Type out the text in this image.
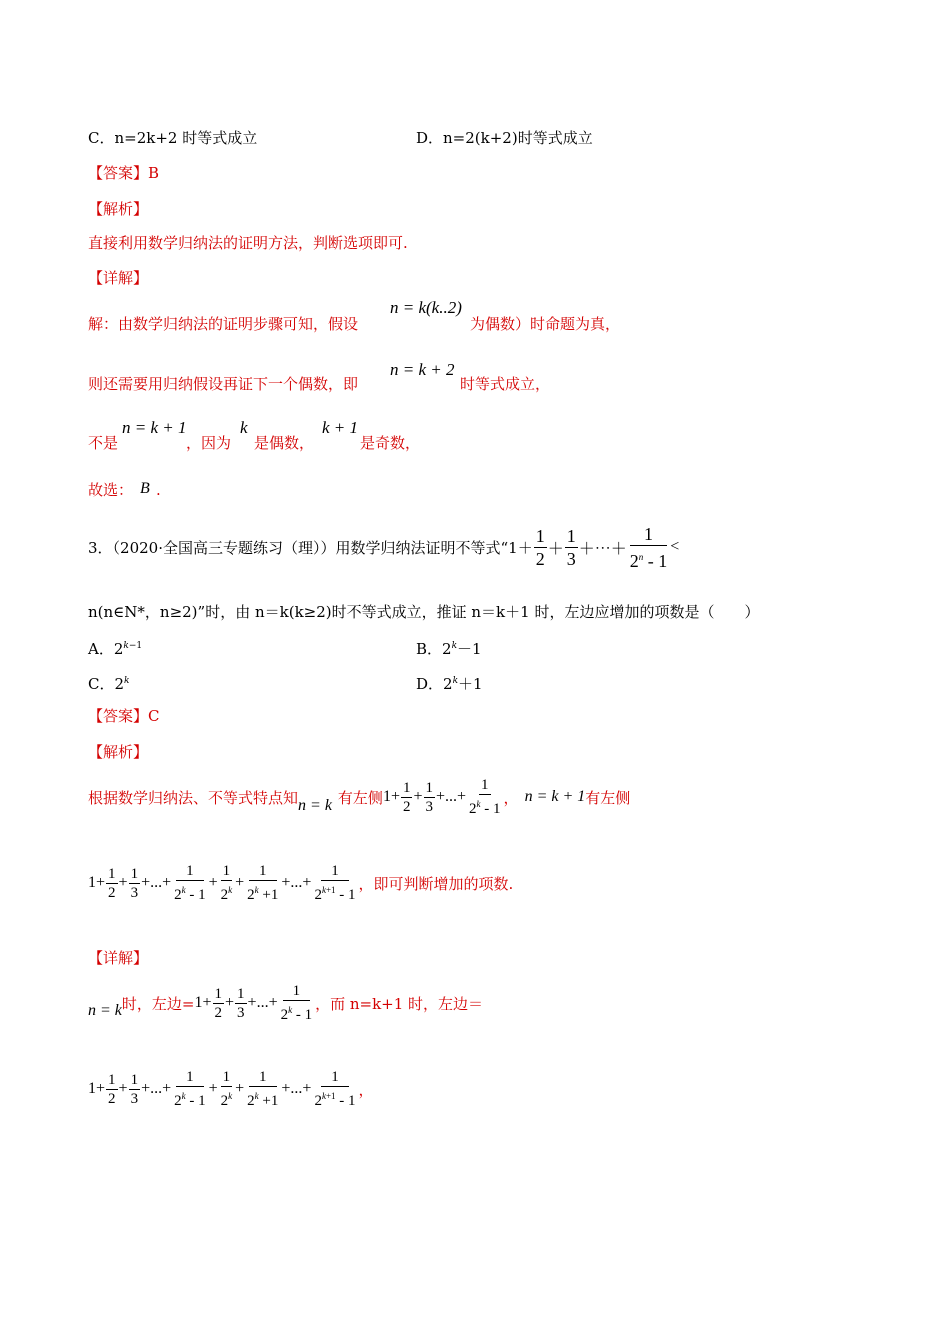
C．n=2k+2 时等式成立	D．n=2(k+2)时等式成立
【答案】B
【解析】
直接利用数学归纳法的证明方法，判断选项即可.
【详解】
解：由数学归纳法的证明步骤可知，假设
n = k(k..2)
为偶数）时命题为真，
则还需要用归纳假设再证下一个偶数，即
n = k + 2
时等式成立，
不是
n = k + 1
，因为
k
是偶数，
k + 1
是奇数，
故选： B .
3．（2020·全国高三专题练习（理））用数学归纳法证明不等式“$1+ \frac{1}{2} + \frac{1}{3}$ ＋⋯＋ $\frac{1}{2^n - 1}$ <
n(n∈N*，n≥2)”时，由 n＝k(k≥2)时不等式成立，推证 n＝k＋1 时，左边应增加的项数是（　　）
A．$2^{k-1}$	B．$2^k-1$
C．2$^k$	D．$2^k+1$
【答案】C
【解析】
根据数学归纳法、不等式特点知 n = k 有左侧 $1+ \frac{1}{2} + \frac{1}{3}$ +...+ $\frac{1}{2^k - 1}$ ， n = k + 1 有左侧
$1+ \frac{1}{2} + \frac{1}{3}$ +...+ $\frac{1}{2^k - 1} + \frac{1}{2^k} + \frac{1}{2^k +1}$ +...+ $\frac{1}{2^{k+1} - 1}$ ，即可判断增加的项数.
【详解】
n = k 时，左边= $1+ \frac{1}{2} + \frac{1}{3}$ +...+ $\frac{1}{2^k - 1}$ ，而 n=k+1 时，左边＝
$1+ \frac{1}{2} + \frac{1}{3}$ +...+ $\frac{1}{2^k - 1} + \frac{1}{2^k} + \frac{1}{2^k +1}$ +...+ $\frac{1}{2^{k+1} - 1}$ ，
